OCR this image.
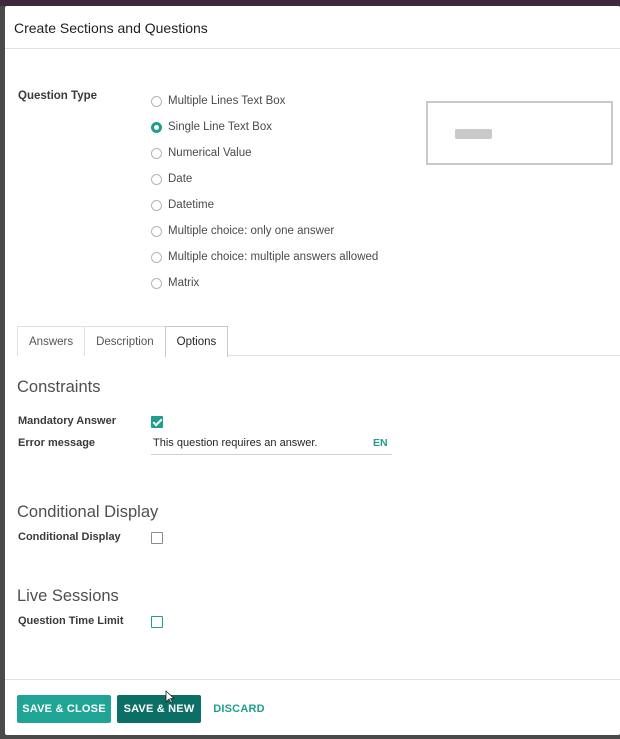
Create Sections and Questions
Question Type	Multiple Lines Text Box
Single Line Text Box
Numerical Value
Date
Datetime
Multiple choice: only one answer
Multiple choice: multiple answers allowed
Matrix
Answers	Description	Options
Constraints
Mandatory Answer
Error message	This question requires an answer.	EN
Conditional Display
Conditional Display
Live Sessions
Question Time Limit
SAVE & CLOSE	SAVE & NEW	DISCARD
